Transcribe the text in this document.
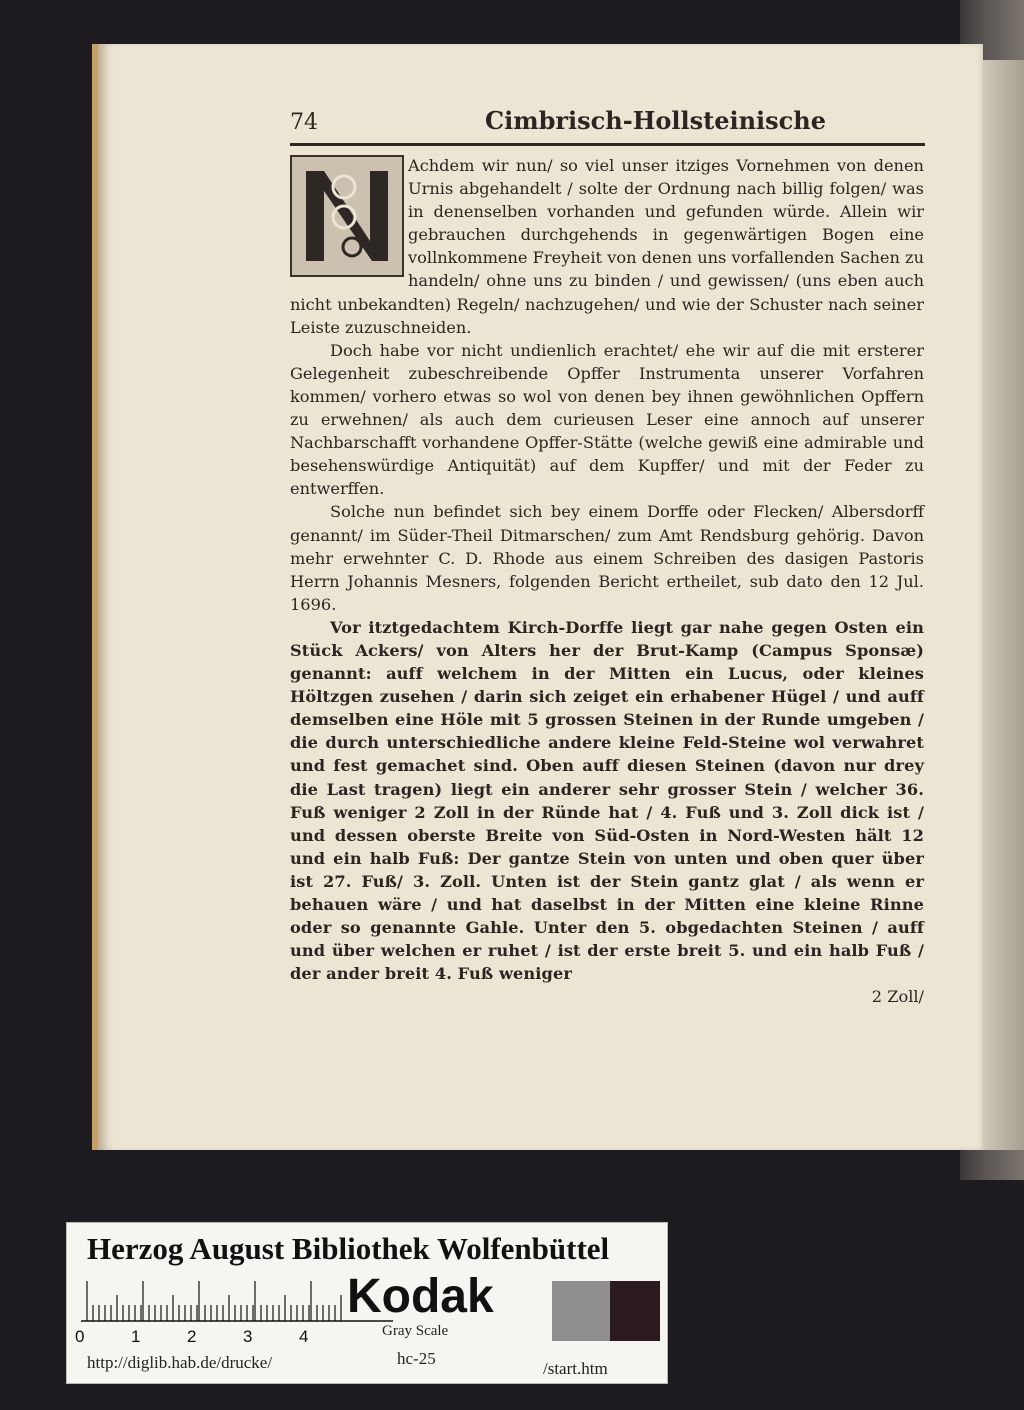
74	Cimbrisch-Hollsteinische

Achdem wir nun/ so viel unser itziges Vornehmen von denen Urnis abgehandelt / solte der Ordnung nach billig folgen/ was in denenselben vorhanden und gefunden würde. Allein wir gebrauchen durchgehends in gegenwärtigen Bogen eine vollnkommene Freyheit von denen uns vorfallenden Sachen zu handeln/ ohne uns zu binden / und gewissen/ (uns eben auch nicht unbekandten) Regeln/ nachzugehen/ und wie der Schuster nach seiner Leiste zuzuschneiden.

Doch habe vor nicht undienlich erachtet/ ehe wir auf die mit ersterer Gelegenheit zubeschreibende Opffer Instrumenta unserer Vorfahren kommen/ vorhero etwas so wol von denen bey ihnen gewöhnlichen Opffern zu erwehnen/ als auch dem curieusen Leser eine annoch auf unserer Nachbarschafft vorhandene Opffer-Stätte (welche gewiß eine admirable und besehenswürdige Antiquität) auf dem Kupffer/ und mit der Feder zu entwerffen.

Solche nun befindet sich bey einem Dorffe oder Flecken/ Albersdorff genannt/ im Süder-Theil Ditmarschen/ zum Amt Rendsburg gehörig. Davon mehr erwehnter C. D. Rhode aus einem Schreiben des dasigen Pastoris Herrn Johannis Mesners, folgenden Bericht ertheilet, sub dato den 12 Jul. 1696.

Vor itztgedachtem Kirch-Dorffe liegt gar nahe gegen Osten ein Stück Ackers/ von Alters her der Brut-Kamp (Campus Sponsæ) genannt: auff welchem in der Mitten ein Lucus, oder kleines Höltzgen zusehen / darin sich zeiget ein erhabener Hügel / und auff demselben eine Höle mit 5 grossen Steinen in der Runde umgeben / die durch unterschiedliche andere kleine Feld-Steine wol verwahret und fest gemachet sind. Oben auff diesen Steinen (davon nur drey die Last tragen) liegt ein anderer sehr grosser Stein / welcher 36. Fuß weniger 2 Zoll in der Ründe hat / 4. Fuß und 3. Zoll dick ist / und dessen oberste Breite von Süd-Osten in Nord-Westen hält 12 und ein halb Fuß: Der gantze Stein von unten und oben quer über ist 27. Fuß/ 3. Zoll. Unten ist der Stein gantz glat / als wenn er behauen wäre / und hat daselbst in der Mitten eine kleine Rinne oder so genannte Gahle. Unter den 5. obgedachten Steinen / auff und über welchen er ruhet / ist der erste breit 5. und ein halb Fuß / der ander breit 4. Fuß weniger

2 Zoll/

Herzog August Bibliothek Wolfenbüttel
0	1	2	3	4
Kodak
Gray Scale
http://diglib.hab.de/drucke/	hc-25
/start.htm
